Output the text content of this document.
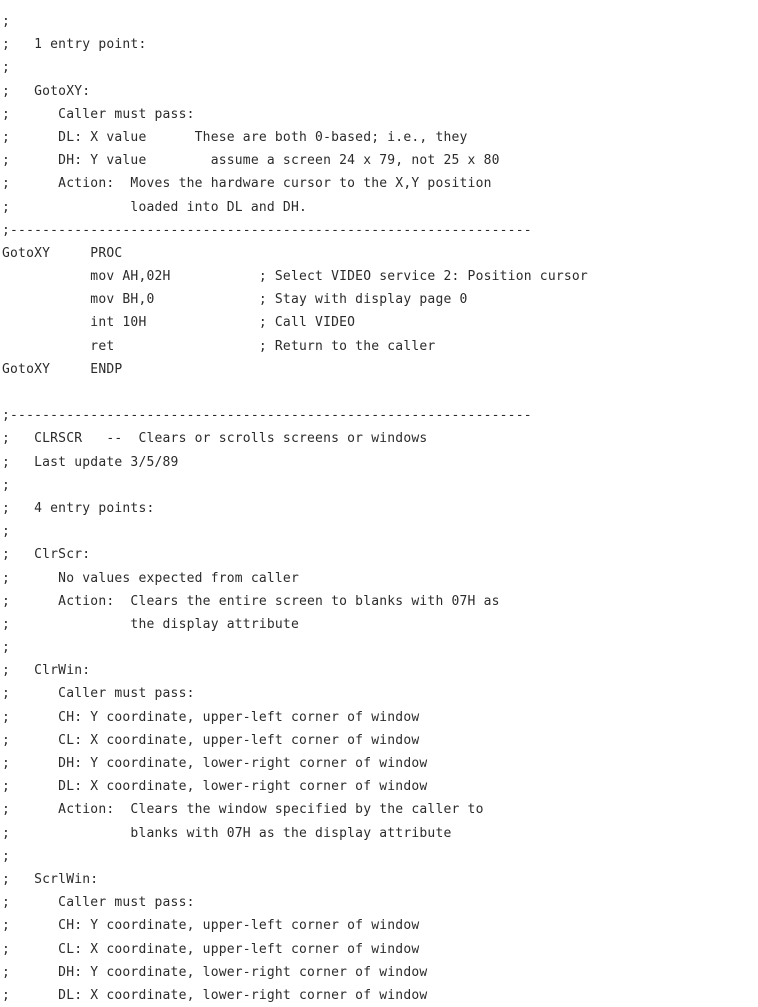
;
;   1 entry point:
;
;   GotoXY:
;      Caller must pass:
;      DL: X value      These are both 0-based; i.e., they
;      DH: Y value        assume a screen 24 x 79, not 25 x 80
;      Action:  Moves the hardware cursor to the X,Y position
;               loaded into DL and DH.
;-----------------------------------------------------------------
GotoXY     PROC
mov AH,02H           ; Select VIDEO service 2: Position cursor
mov BH,0             ; Stay with display page 0
int 10H              ; Call VIDEO
ret                  ; Return to the caller
GotoXY     ENDP
;-----------------------------------------------------------------
;   CLRSCR   --  Clears or scrolls screens or windows
;   Last update 3/5/89
;
;   4 entry points:
;
;   ClrScr:
;      No values expected from caller
;      Action:  Clears the entire screen to blanks with 07H as
;               the display attribute
;
;   ClrWin:
;      Caller must pass:
;      CH: Y coordinate, upper-left corner of window
;      CL: X coordinate, upper-left corner of window
;      DH: Y coordinate, lower-right corner of window
;      DL: X coordinate, lower-right corner of window
;      Action:  Clears the window specified by the caller to
;               blanks with 07H as the display attribute
;
;   ScrlWin:
;      Caller must pass:
;      CH: Y coordinate, upper-left corner of window
;      CL: X coordinate, upper-left corner of window
;      DH: Y coordinate, lower-right corner of window
;      DL: X coordinate, lower-right corner of window
